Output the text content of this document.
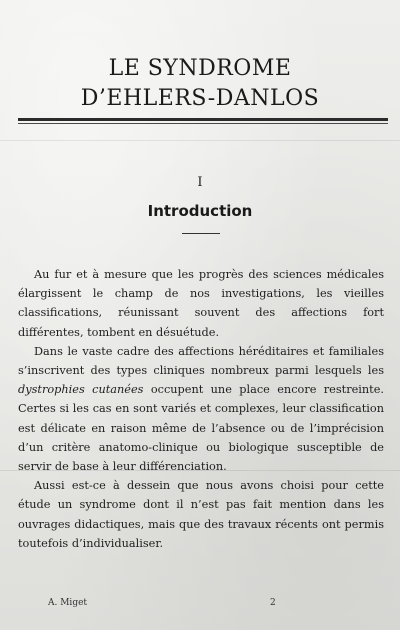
LE SYNDROME
D’EHLERS-DANLOS
I
Introduction

Au fur et à mesure que les progrès des sciences médicales élargissent le champ de nos investigations, les vieilles classifications, réunissant souvent des affections fort différentes, tombent en désuétude.

Dans le vaste cadre des affections héréditaires et familiales s’inscrivent des types cliniques nombreux parmi lesquels les dystrophies cutanées occupent une place encore restreinte. Certes si les cas en sont variés et complexes, leur classification est délicate en raison même de l’absence ou de l’imprécision d’un critère anatomo-clinique ou biologique susceptible de servir de base à leur différenciation.

Aussi est-ce à dessein que nous avons choisi pour cette étude un syndrome dont il n’est pas fait mention dans les ouvrages didactiques, mais que des travaux récents ont permis toutefois d’individualiser.

A. Miget	2
